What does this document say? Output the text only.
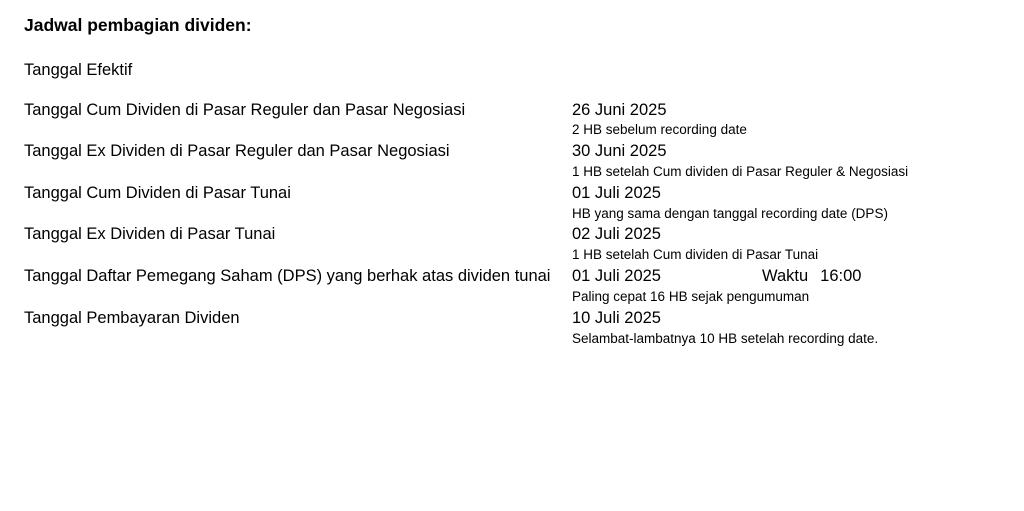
Jadwal pembagian dividen:
Tanggal Efektif		

Tanggal Cum Dividen di Pasar Reguler dan Pasar Negosiasi	26 Juni 2025	
	2 HB sebelum recording date	
Tanggal Ex Dividen di Pasar Reguler dan Pasar Negosiasi	30 Juni 2025	
	1 HB setelah Cum dividen di Pasar Reguler & Negosiasi	
Tanggal Cum Dividen di Pasar Tunai	01 Juli 2025	
	HB yang sama dengan tanggal recording date (DPS)	
Tanggal Ex Dividen di Pasar Tunai	02 Juli 2025	
	1 HB setelah Cum dividen di Pasar Tunai	
Tanggal Daftar Pemegang Saham (DPS) yang berhak atas dividen tunai	01 Juli 2025	Waktu 16:00
	Paling cepat 16 HB sejak pengumuman	
Tanggal Pembayaran Dividen	10 Juli 2025	
	Selambat-lambatnya 10 HB setelah recording date.	
